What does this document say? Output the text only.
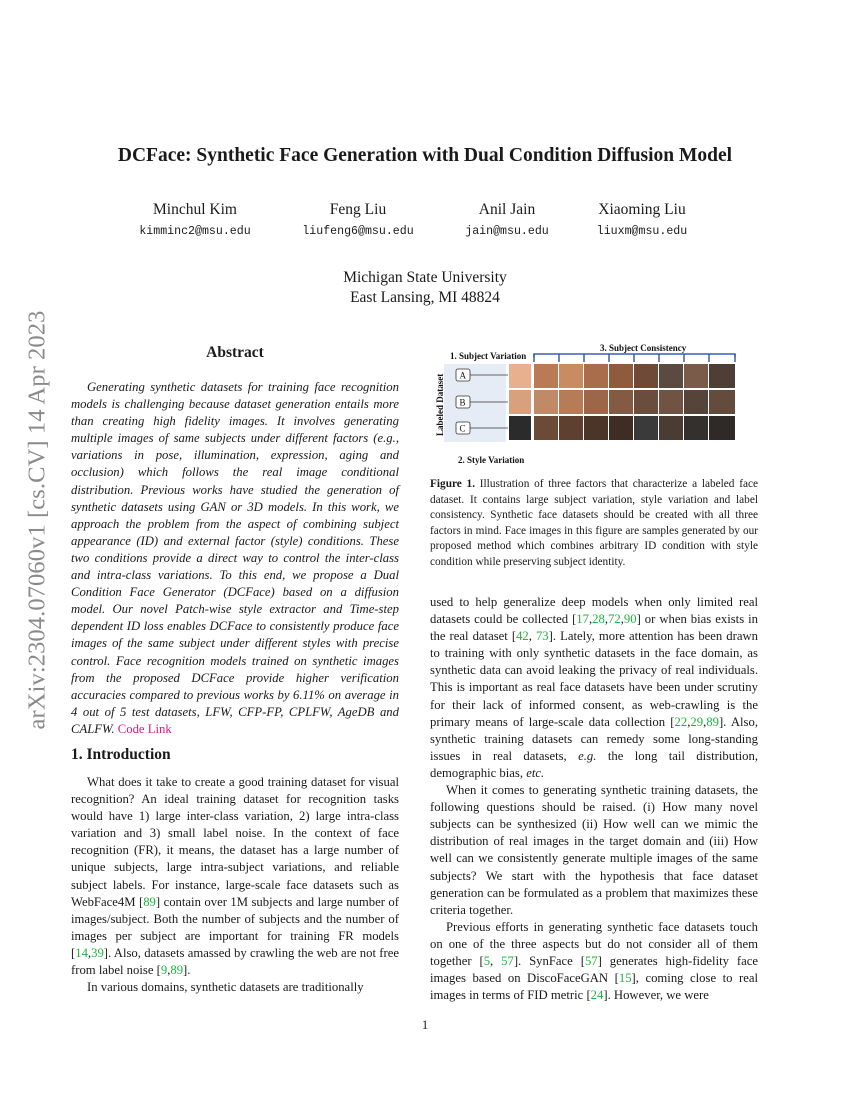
arXiv:2304.07060v1 [cs.CV] 14 Apr 2023
DCFace: Synthetic Face Generation with Dual Condition Diffusion Model
Minchul Kim
kimminc2@msu.edu
Feng Liu
liufeng6@msu.edu
Anil Jain
jain@msu.edu
Xiaoming Liu
liuxm@msu.edu
Michigan State University
East Lansing, MI 48824
Abstract
Generating synthetic datasets for training face recognition models is challenging because dataset generation entails more than creating high fidelity images. It involves generating multiple images of same subjects under different factors (e.g., variations in pose, illumination, expression, aging and occlusion) which follows the real image conditional distribution. Previous works have studied the generation of synthetic datasets using GAN or 3D models. In this work, we approach the problem from the aspect of combining subject appearance (ID) and external factor (style) conditions. These two conditions provide a direct way to control the inter-class and intra-class variations. To this end, we propose a Dual Condition Face Generator (DCFace) based on a diffusion model. Our novel Patch-wise style extractor and Time-step dependent ID loss enables DCFace to consistently produce face images of the same subject under different styles with precise control. Face recognition models trained on synthetic images from the proposed DCFace provide higher verification accuracies compared to previous works by 6.11% on average in 4 out of 5 test datasets, LFW, CFP-FP, CPLFW, AgeDB and CALFW. Code Link
1. Introduction

What does it take to create a good training dataset for visual recognition? An ideal training dataset for recognition tasks would have 1) large inter-class variation, 2) large intra-class variation and 3) small label noise. In the context of face recognition (FR), it means, the dataset has a large number of unique subjects, large intra-subject variations, and reliable subject labels. For instance, large-scale face datasets such as WebFace4M [89] contain over 1M subjects and large number of images/subject. Both the number of subjects and the number of images per subject are important for training FR models [14,39]. Also, datasets amassed by crawling the web are not free from label noise [9,89].

In various domains, synthetic datasets are traditionally

1. Subject Variation
3. Subject Consistency
Labeled Dataset A
B
C
2. Style Variation
Figure 1. Illustration of three factors that characterize a labeled face dataset. It contains large subject variation, style variation and label consistency. Synthetic face datasets should be created with all three factors in mind. Face images in this figure are samples generated by our proposed method which combines arbitrary ID condition with style condition while preserving subject identity.

used to help generalize deep models when only limited real datasets could be collected [17,28,72,90] or when bias exists in the real dataset [42, 73]. Lately, more attention has been drawn to training with only synthetic datasets in the face domain, as synthetic data can avoid leaking the privacy of real individuals. This is important as real face datasets have been under scrutiny for their lack of informed consent, as web-crawling is the primary means of large-scale data collection [22,29,89]. Also, synthetic training datasets can remedy some long-standing issues in real datasets, e.g. the long tail distribution, demographic bias, etc.

When it comes to generating synthetic training datasets, the following questions should be raised. (i) How many novel subjects can be synthesized (ii) How well can we mimic the distribution of real images in the target domain and (iii) How well can we consistently generate multiple images of the same subjects? We start with the hypothesis that face dataset generation can be formulated as a problem that maximizes these criteria together.

Previous efforts in generating synthetic face datasets touch on one of the three aspects but do not consider all of them together [5, 57]. SynFace [57] generates high-fidelity face images based on DiscoFaceGAN [15], coming close to real images in terms of FID metric [24]. However, we were

1
